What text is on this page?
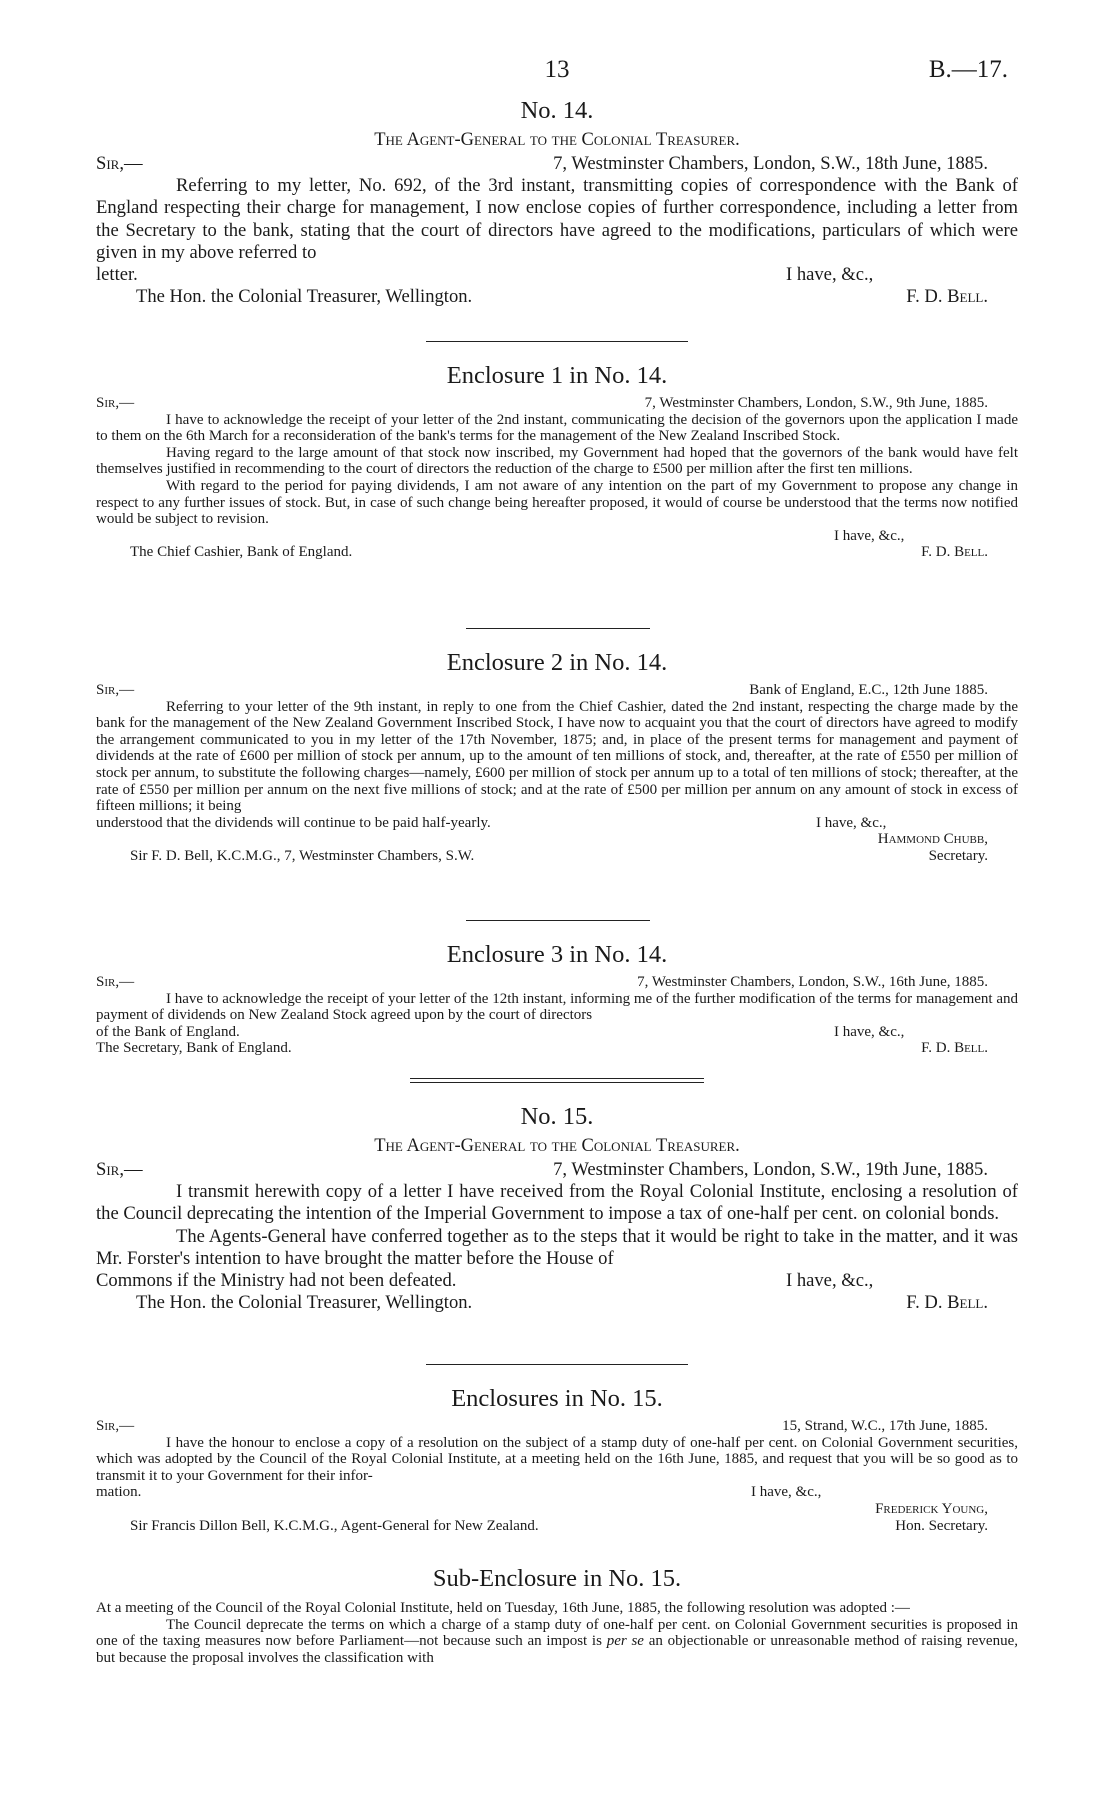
13	B.—17.
No. 14.
The Agent-General to the Colonial Treasurer.
Sir,—	7, Westminster Chambers, London, S.W., 18th June, 1885.

Referring to my letter, No. 692, of the 3rd instant, transmitting copies of correspondence with the Bank of England respecting their charge for management, I now enclose copies of further correspondence, including a letter from the Secretary to the bank, stating that the court of directors have agreed to the modifications, particulars of which were given in my above referred to

letter.	I have, &c.,
The Hon. the Colonial Treasurer, Wellington.	F. D. Bell.
Enclosure 1 in No. 14.
Sir,—	7, Westminster Chambers, London, S.W., 9th June, 1885.

I have to acknowledge the receipt of your letter of the 2nd instant, communicating the decision of the governors upon the application I made to them on the 6th March for a reconsideration of the bank's terms for the management of the New Zealand Inscribed Stock.

Having regard to the large amount of that stock now inscribed, my Government had hoped that the governors of the bank would have felt themselves justified in recommending to the court of directors the reduction of the charge to £500 per million after the first ten millions.

With regard to the period for paying dividends, I am not aware of any intention on the part of my Government to propose any change in respect to any further issues of stock. But, in case of such change being hereafter proposed, it would of course be understood that the terms now notified would be subject to revision.

I have, &c.,
The Chief Cashier, Bank of England.	F. D. Bell.
Enclosure 2 in No. 14.
Sir,—	Bank of England, E.C., 12th June 1885.

Referring to your letter of the 9th instant, in reply to one from the Chief Cashier, dated the 2nd instant, respecting the charge made by the bank for the management of the New Zealand Government Inscribed Stock, I have now to acquaint you that the court of directors have agreed to modify the arrangement communicated to you in my letter of the 17th November, 1875; and, in place of the present terms for management and payment of dividends at the rate of £600 per million of stock per annum, up to the amount of ten millions of stock, and, thereafter, at the rate of £550 per million of stock per annum, to substitute the following charges—namely, £600 per million of stock per annum up to a total of ten millions of stock; thereafter, at the rate of £550 per million per annum on the next five millions of stock; and at the rate of £500 per million per annum on any amount of stock in excess of fifteen millions; it being

understood that the dividends will continue to be paid half-yearly.	I have, &c.,
Hammond Chubb,
Sir F. D. Bell, K.C.M.G., 7, Westminster Chambers, S.W.	Secretary.
Enclosure 3 in No. 14.
Sir,—	7, Westminster Chambers, London, S.W., 16th June, 1885.

I have to acknowledge the receipt of your letter of the 12th instant, informing me of the further modification of the terms for management and payment of dividends on New Zealand Stock agreed upon by the court of directors

of the Bank of England.	I have, &c.,
The Secretary, Bank of England.	F. D. Bell.
No. 15.
The Agent-General to the Colonial Treasurer.
Sir,—	7, Westminster Chambers, London, S.W., 19th June, 1885.

I transmit herewith copy of a letter I have received from the Royal Colonial Institute, enclosing a resolution of the Council deprecating the intention of the Imperial Government to impose a tax of one-half per cent. on colonial bonds.

The Agents-General have conferred together as to the steps that it would be right to take in the matter, and it was Mr. Forster's intention to have brought the matter before the House of

Commons if the Ministry had not been defeated.	I have, &c.,
The Hon. the Colonial Treasurer, Wellington.	F. D. Bell.
Enclosures in No. 15.
Sir,—	15, Strand, W.C., 17th June, 1885.

I have the honour to enclose a copy of a resolution on the subject of a stamp duty of one-half per cent. on Colonial Government securities, which was adopted by the Council of the Royal Colonial Institute, at a meeting held on the 16th June, 1885, and request that you will be so good as to transmit it to your Government for their infor-

mation.	I have, &c.,
Frederick Young,
Sir Francis Dillon Bell, K.C.M.G., Agent-General for New Zealand.	Hon. Secretary.
Sub-Enclosure in No. 15.

At a meeting of the Council of the Royal Colonial Institute, held on Tuesday, 16th June, 1885, the following resolution was adopted :—

The Council deprecate the terms on which a charge of a stamp duty of one-half per cent. on Colonial Government securities is proposed in one of the taxing measures now before Parliament—not because such an impost is per se an objectionable or unreasonable method of raising revenue, but because the proposal involves the classification with
